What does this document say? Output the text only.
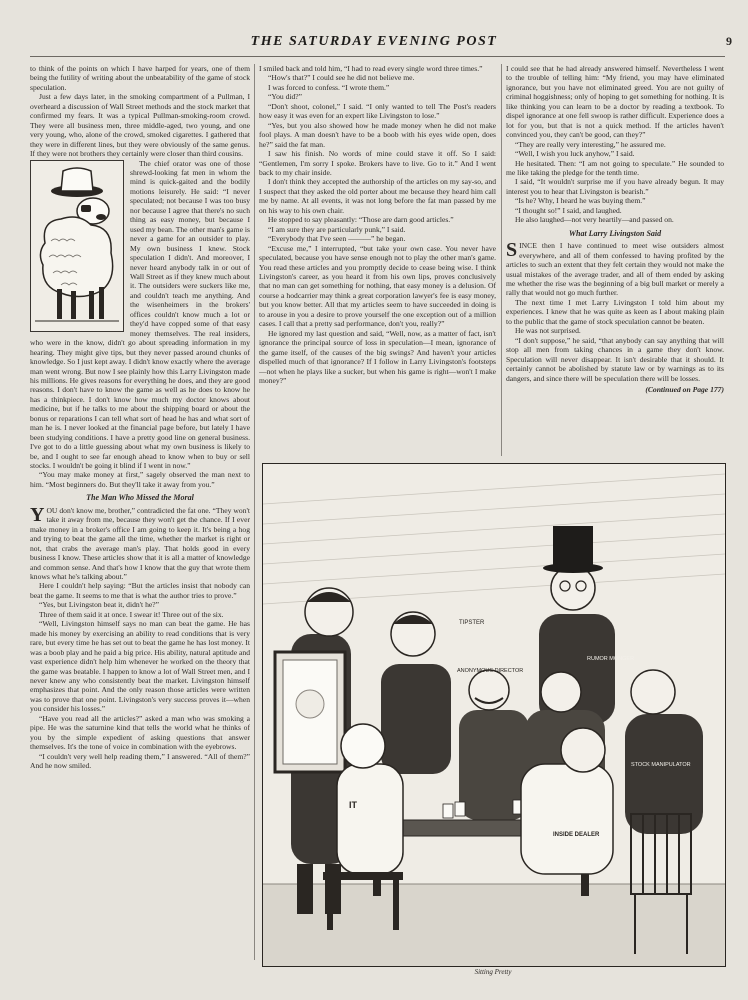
THE SATURDAY EVENING POST	9

to think of the points on which I have harped for years, one of them being the futility of writing about the unbeatability of the game of stock speculation.

Just a few days later, in the smoking compartment of a Pullman, I overheard a discussion of Wall Street methods and the stock market that confirmed my fears. It was a typical Pullman-smoking-room crowd. They were all business men, three middle-aged, two young, and one very young, who, alone of the crowd, smoked cigarettes. I gathered that they were in different lines, but they were obviously of the same genus. If they were not brothers they certainly were closer than third cousins.

The chief orator was one of those shrewd-looking fat men in whom the mind is quick-gaited and the bodily motions leisurely. He said: “I never speculated; not because I was too busy nor because I agree that there's no such thing as easy money, but because I used my bean. The other man's game is never a game for an outsider to play. My own business I knew. Stock speculation I didn't. And moreover, I never heard anybody talk in or out of Wall Street as if they knew much about it. The outsiders were suckers like me, and couldn't teach me anything. And the wisenheimers in the brokers' offices couldn't know much a lot or they'd have copped some of that easy money themselves. The real insiders, who were in the know, didn't go about spreading information in my hearing. They might give tips, but they never passed around chunks of knowledge. So I just kept away. I didn't know exactly where the average man went wrong. But now I see plainly how this Larry Livingston made his millions. He gives reasons for everything he does, and they are good reasons. I don't have to know the game as well as he does to know he has a thinkpiece. I don't know how much my doctor knows about medicine, but if he talks to me about the shipping board or about the bonus or reparations I can tell what sort of head he has and what sort of man he is. I never looked at the financial page before, but lately I have been studying conditions. I have a pretty good line on general business. I've got to do a little guessing about what my own business is likely to be, and I ought to see far enough ahead to know when to buy or sell stocks. I wouldn't be going it blind if I went in now.”

“You may make money at first,” sagely observed the man next to him. “Most beginners do. But they'll take it away from you.”

The Man Who Missed the Moral

YOU don't know me, brother,” contradicted the fat one. “They won't take it away from me, because they won't get the chance. If I ever make money in a broker's office I am going to keep it. It's being a hog and trying to beat the game all the time, whether the market is right or not, that crabs the average man's play. That holds good in every business I know. These articles show that it is all a matter of knowledge and common sense. And that's how I know that the guy that wrote them knows what he's talking about.”

Here I couldn't help saying: “But the articles insist that nobody can beat the game. It seems to me that is what the author tries to prove.”

“Yes, but Livingston beat it, didn't he?”

Three of them said it at once. I swear it! Three out of the six.

“Well, Livingston himself says no man can beat the game. He has made his money by exercising an ability to read conditions that is very rare, but every time he has set out to beat the game he has lost money. It was a boob play and he paid a big price. His ability, natural aptitude and vast experience didn't help him whenever he worked on the theory that the game was beatable. I happen to know a lot of Wall Street men, and I never knew any who consistently beat the market. Livingston himself emphasizes that point. And the only reason those articles were written was to prove that one point. Livingston's very success proves it—when you consider his losses.”

“Have you read all the articles?” asked a man who was smoking a pipe. He was the saturnine kind that tells the world what he thinks of you by the simple expedient of asking questions that answer themselves. It's the tone of voice in combination with the eyebrows.

“I couldn't very well help reading them,” I answered. “All of them?” And he now smiled.

I smiled back and told him, “I had to read every single word three times.”

“How's that?” I could see he did not believe me.

I was forced to confess. “I wrote them.”

“You did?”

“Don't shoot, colonel,” I said. “I only wanted to tell The Post's readers how easy it was even for an expert like Livingston to lose.”

“Yes, but you also showed how he made money when he did not make fool plays. A man doesn't have to be a boob with his eyes wide open, does he?” said the fat man.

I saw his finish. No words of mine could stave it off. So I said: “Gentlemen, I'm sorry I spoke. Brokers have to live. Go to it.” And I went back to my chair inside.

I don't think they accepted the authorship of the articles on my say-so, and I suspect that they asked the old porter about me because they heard him call me by name. At all events, it was not long before the fat man passed by me on his way to his own chair.

He stopped to say pleasantly: “Those are darn good articles.”

“I am sure they are particularly punk,” I said.

“Everybody that I've seen ———” he began.

“Excuse me,” I interrupted, “but take your own case. You never have speculated, because you have sense enough not to play the other man's game. You read these articles and you promptly decide to cease being wise. I think Livingston's career, as you heard it from his own lips, proves conclusively that no man can get something for nothing, that easy money is a delusion. Of course a hodcarrier may think a great corporation lawyer's fee is easy money, but you know better. All that my articles seem to have succeeded in doing is to arouse in you a desire to prove yourself the one exception out of a million cases. I call that a pretty sad performance, don't you, really?”

He ignored my last question and said, “Well, now, as a matter of fact, isn't ignorance the principal source of loss in speculation—I mean, ignorance of the game itself, of the causes of the big swings? And haven't your articles dispelled much of that ignorance? If I follow in Larry Livingston's footsteps—not when he plays like a sucker, but when his game is right—won't I make money?”

I could see that he had already answered himself. Nevertheless I went to the trouble of telling him: “My friend, you may have eliminated ignorance, but you have not eliminated greed. You are not guilty of criminal hoggishness; only of hoping to get something for nothing. It is like thinking you can learn to be a doctor by reading a textbook. To dispel ignorance at one fell swoop is rather difficult. Experience does a lot for you, but that is not a quick method. If the articles haven't convinced you, they can't be good, can they?”

“They are really very interesting,” he assured me.

“Well, I wish you luck anyhow,” I said.

He hesitated. Then: “I am not going to speculate.” He sounded to me like taking the pledge for the tenth time.

I said, “It wouldn't surprise me if you have already begun. It may interest you to hear that Livingston is bearish.”

“Is he? Why, I heard he was buying them.”

“I thought so!” I said, and laughed.

He also laughed—not very heartily—and passed on.

What Larry Livingston Said

SINCE then I have continued to meet wise outsiders almost everywhere, and all of them confessed to having profited by the articles to such an extent that they felt certain they would not make the usual mistakes of the average trader, and all of them ended by asking me whether the rise was the beginning of a big bull market or merely a rally that would not go much further.

The next time I met Larry Livingston I told him about my experiences. I knew that he was quite as keen as I about making plain to the public that the game of stock speculation cannot be beaten.

He was not surprised.

“I don't suppose,” he said, “that anybody can say anything that will stop all men from taking chances in a game they don't know. Speculation will never disappear. It isn't desirable that it should. It certainly cannot be abolished by statute law or by warnings as to its dangers, and since there will be speculation there will be losses.

(Continued on Page 177)

TIPSTER
ANONYMOUS DIRECTOR
RUMOR MONGER
STOCK MANIPULATOR
IT
INSIDE DEALER
Sitting Pretty
